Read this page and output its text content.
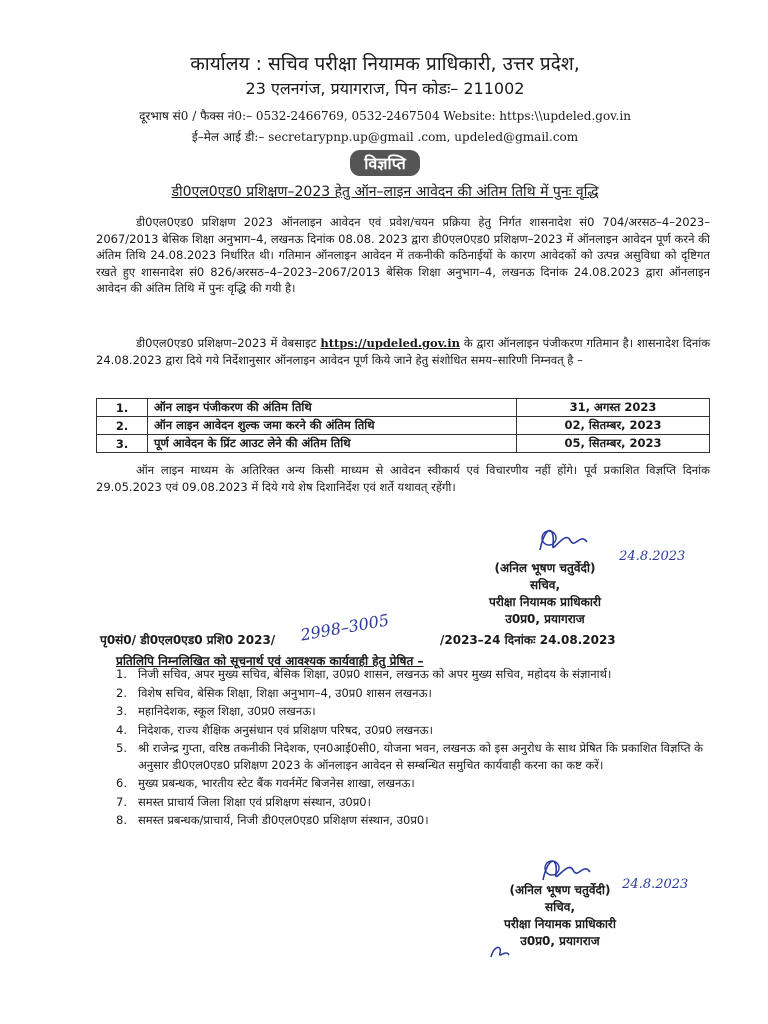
कार्यालय : सचिव परीक्षा नियामक प्राधिकारी, उत्तर प्रदेश,
23 एलनगंज, प्रयागराज, पिन कोडः– 211002
दूरभाष सं0 / फैक्स नं0:– 0532-2466769, 0532-2467504 Website: https:\\updeled.gov.in
ई–मेल आई डी:– secretarypnp.up@gmail .com, updeled@gmail.com
विज्ञप्ति
डी0एल0एड0 प्रशिक्षण–2023 हेतु ऑन–लाइन आवेदन की अंतिम तिथि में पुनः वृद्धि
डी0एल0एड0 प्रशिक्षण 2023 ऑनलाइन आवेदन एवं प्रवेश/चयन प्रक्रिया हेतु निर्गत शासनादेश सं0 704/अरसठ–4–2023–2067/2013 बेसिक शिक्षा अनुभाग–4, लखनऊ दिनांक 08.08. 2023 द्वारा डी0एल0एड0 प्रशिक्षण–2023 में ऑनलाइन आवेदन पूर्ण करने की अंतिम तिथि 24.08.2023 निर्धारित थी। गतिमान ऑनलाइन आवेदन में तकनीकी कठिनाईयों के कारण आवेदकों को उत्पन्न असुविधा को दृष्टिगत रखते हुए शासनादेश सं0 826/अरसठ–4–2023–2067/2013 बेसिक शिक्षा अनुभाग–4, लखनऊ दिनांक 24.08.2023 द्वारा ऑनलाइन आवेदन की अंतिम तिथि में पुनः वृद्धि की गयी है।
डी0एल0एड0 प्रशिक्षण–2023 में वेबसाइट https://updeled.gov.in के द्वारा ऑनलाइन पंजीकरण गतिमान है। शासनादेश दिनांक 24.08.2023 द्वारा दिये गये निर्देशानुसार ऑनलाइन आवेदन पूर्ण किये जाने हेतु संशोधित समय–सारिणी निम्नवत् है –
1.	ऑन लाइन पंजीकरण की अंतिम तिथि	31, अगस्त 2023
2.	ऑन लाइन आवेदन शुल्क जमा करने की अंतिम तिथि	02, सितम्बर, 2023
3.	पूर्ण आवेदन के प्रिंट आउट लेने की अंतिम तिथि	05, सितम्बर, 2023
ऑन लाइन माध्यम के अतिरिक्त अन्य किसी माध्यम से आवेदन स्वीकार्य एवं विचारणीय नहीं होंगे। पूर्व प्रकाशित विज्ञप्ति दिनांक 29.05.2023 एवं 09.08.2023 में दिये गये शेष दिशानिर्देश एवं शर्ते यथावत् रहेंगी।
24.8.2023
(अनिल भूषण चतुर्वेदी)
सचिव,
परीक्षा नियामक प्राधिकारी
उ0प्र0, प्रयागराज
पृ0सं0/ डी0एल0एड0 प्रशि0 2023/ 2998–3005	/2023–24 दिनांकः 24.08.2023
प्रतिलिपि निम्नलिखित को सूचनार्थ एवं आवश्यक कार्यवाही हेतु प्रेषित –
1. निजी सचिव, अपर मुख्य सचिव, बेसिक शिक्षा, उ0प्र0 शासन, लखनऊ को अपर मुख्य सचिव, महोदय के संज्ञानार्थ।
2. विशेष सचिव, बेसिक शिक्षा, शिक्षा अनुभाग–4, उ0प्र0 शासन लखनऊ।
3. महानिदेशक, स्कूल शिक्षा, उ0प्र0 लखनऊ।
4. निदेशक, राज्य शैक्षिक अनुसंधान एवं प्रशिक्षण परिषद, उ0प्र0 लखनऊ।
5. श्री राजेन्द्र गुप्ता, वरिष्ठ तकनीकी निदेशक, एन0आई0सी0, योजना भवन, लखनऊ को इस अनुरोध के साथ प्रेषित कि प्रकाशित विज्ञप्ति के अनुसार डी0एल0एड0 प्रशिक्षण 2023 के ऑनलाइन आवेदन से सम्बन्धित समुचित कार्यवाही करना का कष्ट करें।
6. मुख्य प्रबन्धक, भारतीय स्टेट बैंक गवर्नमेंट बिजनेस शाखा, लखनऊ।
7. समस्त प्राचार्य जिला शिक्षा एवं प्रशिक्षण संस्थान, उ0प्र0।
8. समस्त प्रबन्धक/प्राचार्य, निजी डी0एल0एड0 प्रशिक्षण संस्थान, उ0प्र0।
24.8.2023
(अनिल भूषण चतुर्वेदी)
सचिव,
परीक्षा नियामक प्राधिकारी
उ0प्र0, प्रयागराज
